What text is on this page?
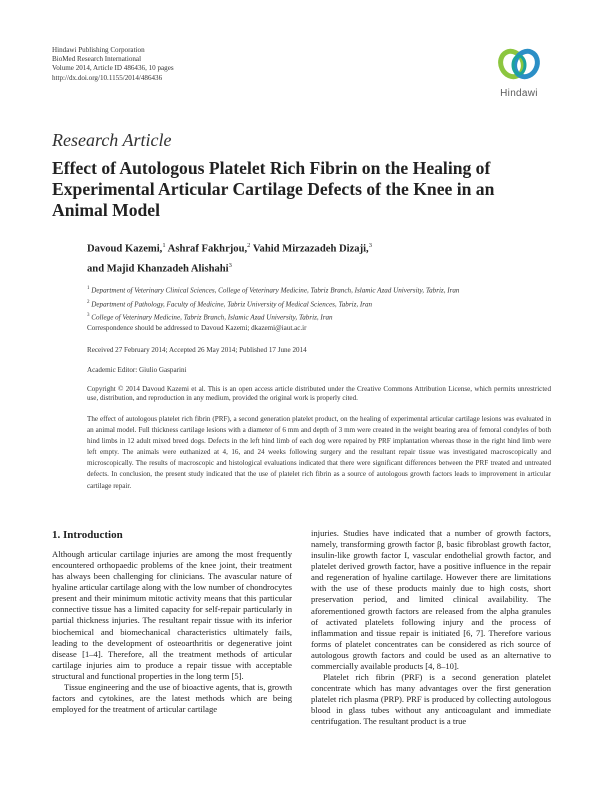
Hindawi Publishing Corporation
BioMed Research International
Volume 2014, Article ID 486436, 10 pages
http://dx.doi.org/10.1155/2014/486436
Hindawi
Research Article
Effect of Autologous Platelet Rich Fibrin on the Healing of Experimental Articular Cartilage Defects of the Knee in an Animal Model
Davoud Kazemi,$^1$ Ashraf Fakhrjou,$^2$ Vahid Mirzazadeh Dizaji,$^3$
and Majid Khanzadeh Alishahi$^3$
$^1$ Department of Veterinary Clinical Sciences, College of Veterinary Medicine, Tabriz Branch, Islamic Azad University, Tabriz, Iran
$^2$ Department of Pathology, Faculty of Medicine, Tabriz University of Medical Sciences, Tabriz, Iran
$^3$ College of Veterinary Medicine, Tabriz Branch, Islamic Azad University, Tabriz, Iran
Correspondence should be addressed to Davoud Kazemi; dkazemi@iaut.ac.ir
Received 27 February 2014; Accepted 26 May 2014; Published 17 June 2014
Academic Editor: Giulio Gasparini
Copyright © 2014 Davoud Kazemi et al. This is an open access article distributed under the Creative Commons Attribution License, which permits unrestricted use, distribution, and reproduction in any medium, provided the original work is properly cited.
The effect of autologous platelet rich fibrin (PRF), a second generation platelet product, on the healing of experimental articular cartilage lesions was evaluated in an animal model. Full thickness cartilage lesions with a diameter of 6 mm and depth of 3 mm were created in the weight bearing area of femoral condyles of both hind limbs in 12 adult mixed breed dogs. Defects in the left hind limb of each dog were repaired by PRF implantation whereas those in the right hind limb were left empty. The animals were euthanized at 4, 16, and 24 weeks following surgery and the resultant repair tissue was investigated macroscopically and microscopically. The results of macroscopic and histological evaluations indicated that there were significant differences between the PRF treated and untreated defects. In conclusion, the present study indicated that the use of platelet rich fibrin as a source of autologous growth factors leads to improvement in articular cartilage repair.
1. Introduction

Although articular cartilage injuries are among the most frequently encountered orthopaedic problems of the knee joint, their treatment has always been challenging for clinicians. The avascular nature of hyaline articular cartilage along with the low number of chondrocytes present and their minimum mitotic activity means that this particular connective tissue has a limited capacity for self-repair particularly in partial thickness injuries. The resultant repair tissue with its inferior biochemical and biomechanical characteristics ultimately fails, leading to the development of osteoarthritis or degenerative joint disease [1–4]. Therefore, all the treatment methods of articular cartilage injuries aim to produce a repair tissue with acceptable structural and functional properties in the long term [5].

Tissue engineering and the use of bioactive agents, that is, growth factors and cytokines, are the latest methods which are being employed for the treatment of articular cartilage

injuries. Studies have indicated that a number of growth factors, namely, transforming growth factor β, basic fibroblast growth factor, insulin-like growth factor I, vascular endothelial growth factor, and platelet derived growth factor, have a positive influence in the repair and regeneration of hyaline cartilage. However there are limitations with the use of these products mainly due to high costs, short preservation period, and limited clinical availability. The aforementioned growth factors are released from the alpha granules of activated platelets following injury and the process of inflammation and tissue repair is initiated [6, 7]. Therefore various forms of platelet concentrates can be considered as rich source of autologous growth factors and could be used as an alternative to commercially available products [4, 8–10].

Platelet rich fibrin (PRF) is a second generation platelet concentrate which has many advantages over the first generation platelet rich plasma (PRP). PRF is produced by collecting autologous blood in glass tubes without any anticoagulant and immediate centrifugation. The resultant product is a true
